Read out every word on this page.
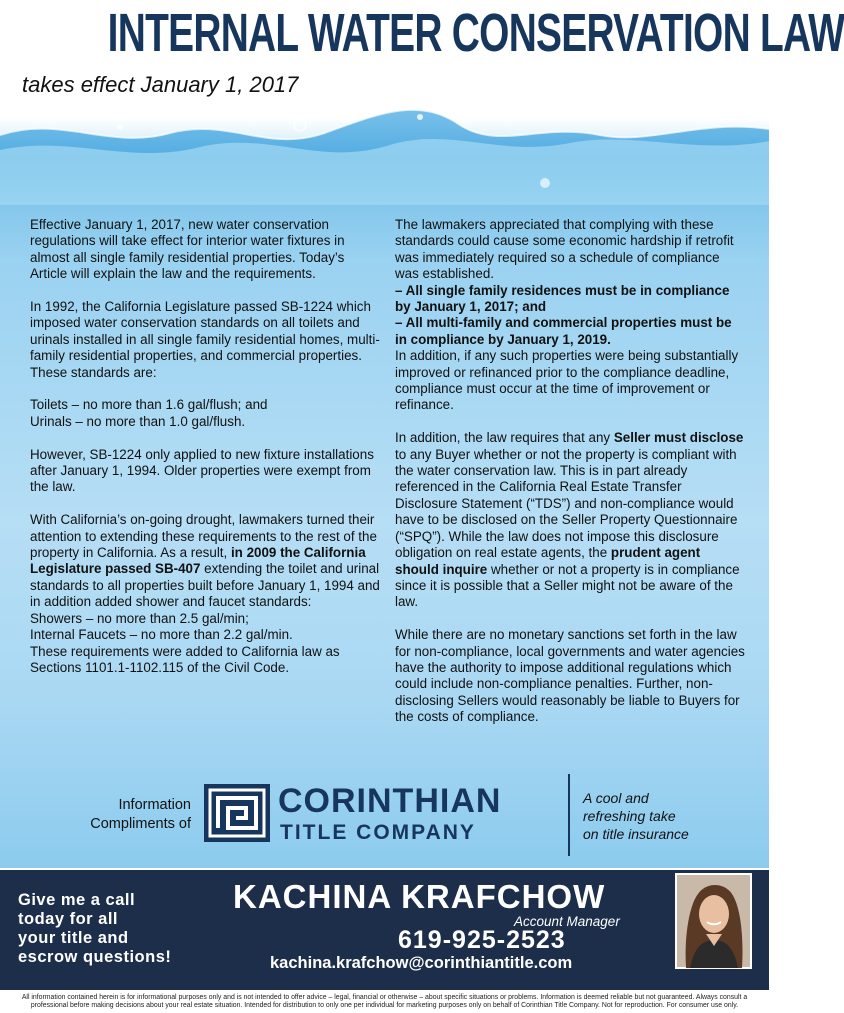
INTERNAL WATER CONSERVATION LAW
takes effect January 1, 2017

Effective January 1, 2017, new water conservation regulations will take effect for interior water fixtures in almost all single family residential properties. Today’s Article will explain the law and the requirements.

In 1992, the California Legislature passed SB-1224 which imposed water conservation standards on all toilets and urinals installed in all single family residential homes, multi-family residential properties, and commercial properties. These standards are:

Toilets – no more than 1.6 gal/flush; and
Urinals – no more than 1.0 gal/flush.

However, SB-1224 only applied to new fixture installations after January 1, 1994. Older properties were exempt from the law.

With California’s on-going drought, lawmakers turned their attention to extending these requirements to the rest of the property in California. As a result, in 2009 the California Legislature passed SB-407 extending the toilet and urinal standards to all properties built before January 1, 1994 and in addition added shower and faucet standards:
Showers – no more than 2.5 gal/min;
Internal Faucets – no more than 2.2 gal/min.
These requirements were added to California law as Sections 1101.1-1102.115 of the Civil Code.

The lawmakers appreciated that complying with these standards could cause some economic hardship if retrofit was immediately required so a schedule of compliance was established.
– All single family residences must be in compliance by January 1, 2017; and
– All multi-family and commercial properties must be in compliance by January 1, 2019.
In addition, if any such properties were being substantially improved or refinanced prior to the compliance deadline, compliance must occur at the time of improvement or refinance.

In addition, the law requires that any Seller must disclose to any Buyer whether or not the property is compliant with the water conservation law. This is in part already referenced in the California Real Estate Transfer Disclosure Statement (“TDS”) and non-compliance would have to be disclosed on the Seller Property Questionnaire (“SPQ”). While the law does not impose this disclosure obligation on real estate agents, the prudent agent should inquire whether or not a property is in compliance since it is possible that a Seller might not be aware of the law.

While there are no monetary sanctions set forth in the law for non-compliance, local governments and water agencies have the authority to impose additional regulations which could include non-compliance penalties. Further, non-disclosing Sellers would reasonably be liable to Buyers for the costs of compliance.

Information
Compliments of
CORINTHIAN
TITLE COMPANY
A cool and
refreshing take
on title insurance
Give me a call
today for all
your title and
escrow questions!
KACHINA KRAFCHOW
Account Manager
619-925-2523
kachina.krafchow@corinthiantitle.com
All information contained herein is for informational purposes only and is not intended to offer advice – legal, financial or otherwise – about specific situations or problems. Information is deemed reliable but not guaranteed. Always consult a professional before making decisions about your real estate situation. Intended for distribution to only one per individual for marketing purposes only on behalf of Corinthian Title Company. Not for reproduction. For consumer use only.
